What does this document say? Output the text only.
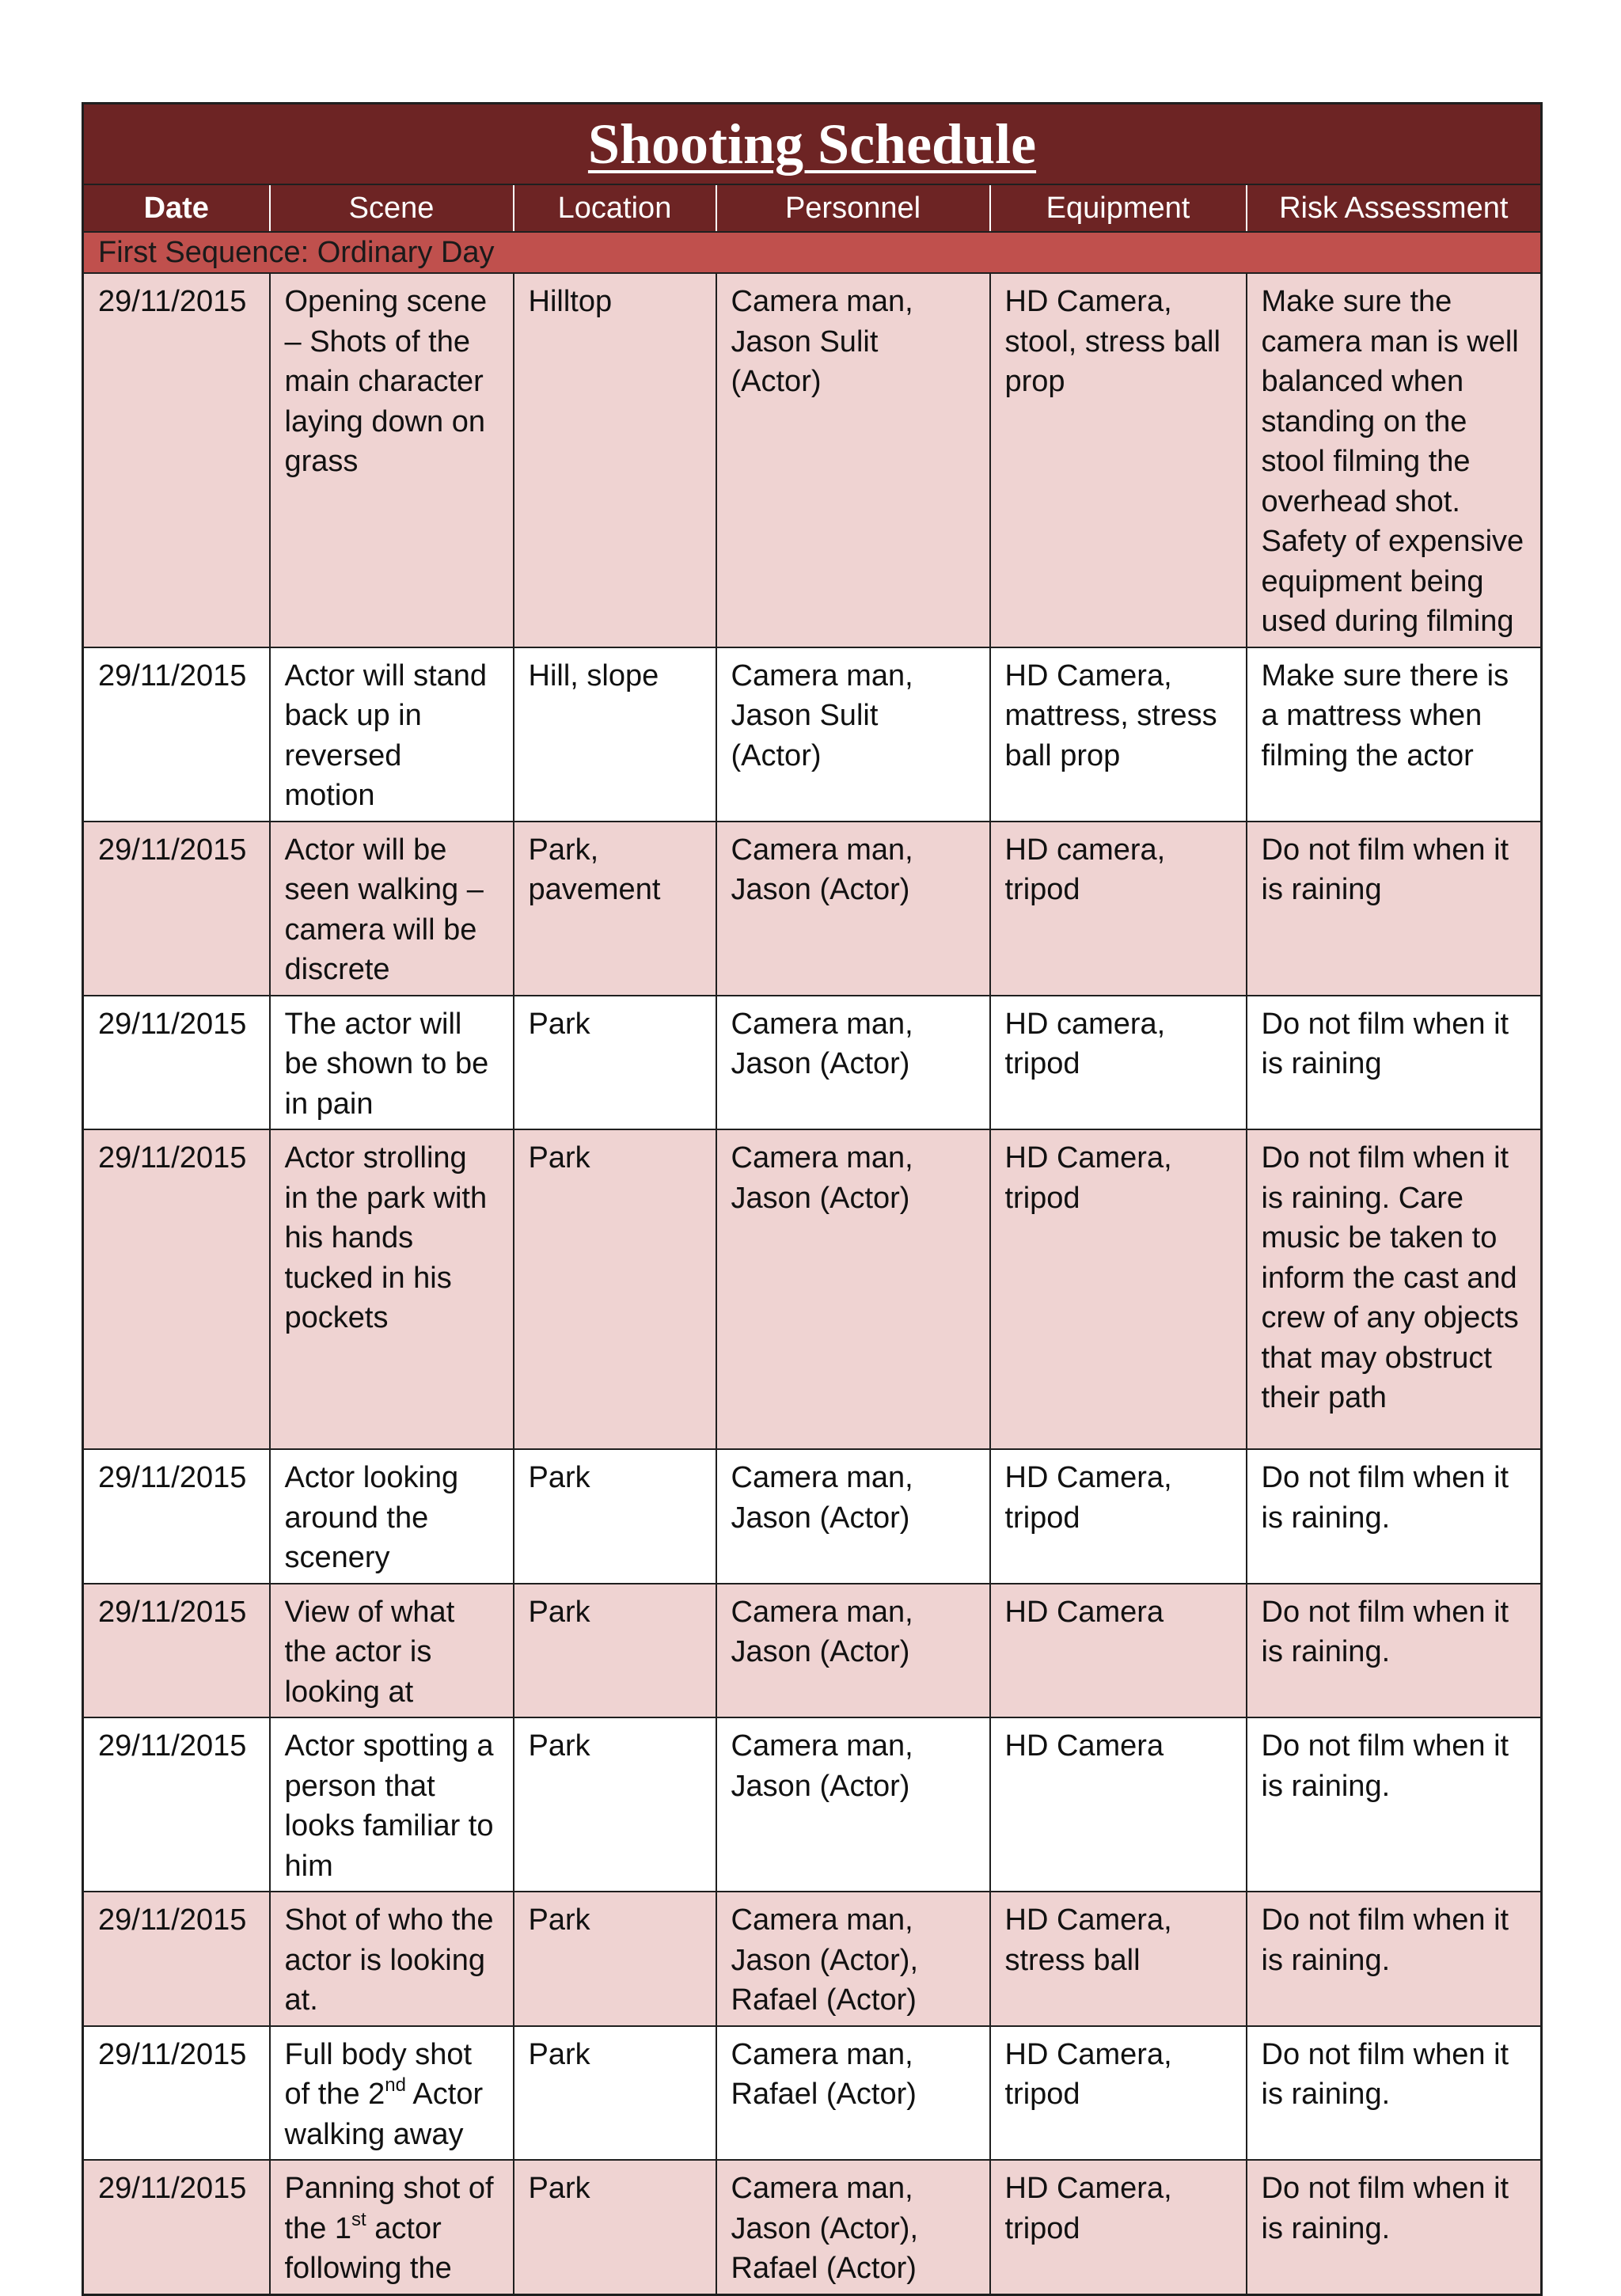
Shooting Schedule					
Date	Scene	Location	Personnel	Equipment	Risk Assessment
First Sequence: Ordinary Day					
29/11/2015	Opening scene – Shots of the main character laying down on grass	Hilltop	Camera man, Jason Sulit (Actor)	HD Camera, stool, stress ball prop	Make sure the camera man is well balanced when standing on the stool filming the overhead shot. Safety of expensive equipment being used during filming
29/11/2015	Actor will stand back up in reversed motion	Hill, slope	Camera man, Jason Sulit (Actor)	HD Camera, mattress, stress ball prop	Make sure there is a mattress when filming the actor
29/11/2015	Actor will be seen walking – camera will be discrete	Park, pavement	Camera man, Jason (Actor)	HD camera, tripod	Do not film when it is raining
29/11/2015	The actor will be shown to be in pain	Park	Camera man, Jason (Actor)	HD camera, tripod	Do not film when it is raining
29/11/2015	Actor strolling in the park with his hands tucked in his pockets	Park	Camera man, Jason (Actor)	HD Camera, tripod	Do not film when it is raining. Care music be taken to inform the cast and crew of any objects that may obstruct their path
29/11/2015	Actor looking around the scenery	Park	Camera man, Jason (Actor)	HD Camera, tripod	Do not film when it is raining.
29/11/2015	View of what the actor is looking at	Park	Camera man, Jason (Actor)	HD Camera	Do not film when it is raining.
29/11/2015	Actor spotting a person that looks familiar to him	Park	Camera man, Jason (Actor)	HD Camera	Do not film when it is raining.
29/11/2015	Shot of who the actor is looking at.	Park	Camera man, Jason (Actor), Rafael (Actor)	HD Camera, stress ball	Do not film when it is raining.
29/11/2015	Full body shot of the 2nd Actor walking away	Park	Camera man, Rafael (Actor)	HD Camera, tripod	Do not film when it is raining.
29/11/2015	Panning shot of the 1st actor following the	Park	Camera man, Jason (Actor), Rafael (Actor)	HD Camera, tripod	Do not film when it is raining.
